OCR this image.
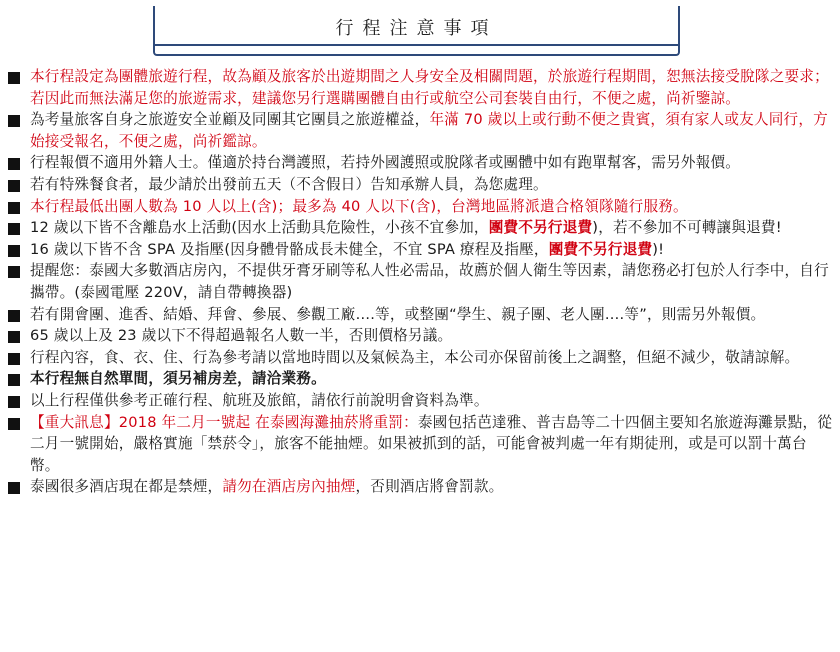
行程注意事項
本行程設定為團體旅遊行程，故為顧及旅客於出遊期間之人身安全及相關問題，於旅遊行程期間，恕無法接受脫隊之要求；若因此而無法滿足您的旅遊需求，建議您另行選購團體自由行或航空公司套裝自由行，不便之處，尚祈鑒諒。
為考量旅客自身之旅遊安全並顧及同團其它團員之旅遊權益，年滿 70 歲以上或行動不便之貴賓，須有家人或友人同行，方始接受報名，不便之處，尚祈鑑諒。
行程報價不適用外籍人士。僅適於持台灣護照，若持外國護照或脫隊者或團體中如有跑單幫客，需另外報價。
若有特殊餐食者，最少請於出發前五天（不含假日）告知承辦人員，為您處理。
本行程最低出團人數為 10 人以上(含)；最多為 40 人以下(含)，台灣地區將派遣合格領隊隨行服務。
12 歲以下皆不含離島水上活動(因水上活動具危險性，小孩不宜參加，團費不另行退費)，若不參加不可轉讓與退費!
16 歲以下皆不含 SPA 及指壓(因身體骨骼成長未健全，不宜 SPA 療程及指壓，團費不另行退費)!
提醒您：泰國大多數酒店房內，不提供牙膏牙刷等私人性必需品，故薦於個人衛生等因素，請您務必打包於人行李中，自行攜帶。(泰國電壓 220V，請自帶轉換器)
若有開會團、進香、結婚、拜會、參展、參觀工廠….等，或整團“學生、親子團、老人團….等”，則需另外報價。
65 歲以上及 23 歲以下不得超過報名人數一半，否則價格另議。
行程內容，食、衣、住、行為參考請以當地時間以及氣候為主，本公司亦保留前後上之調整，但絕不減少，敬請諒解。
本行程無自然單間，須另補房差，請洽業務。
以上行程僅供參考正確行程、航班及旅館，請依行前說明會資料為準。
【重大訊息】2018 年二月一號起 在泰國海灘抽菸將重罰：泰國包括芭達雅、普吉島等二十四個主要知名旅遊海灘景點，從二月一號開始，嚴格實施「禁菸令」，旅客不能抽煙。如果被抓到的話，可能會被判處一年有期徒刑，或是可以罰十萬台幣。
泰國很多酒店現在都是禁煙，請勿在酒店房內抽煙，否則酒店將會罰款。
